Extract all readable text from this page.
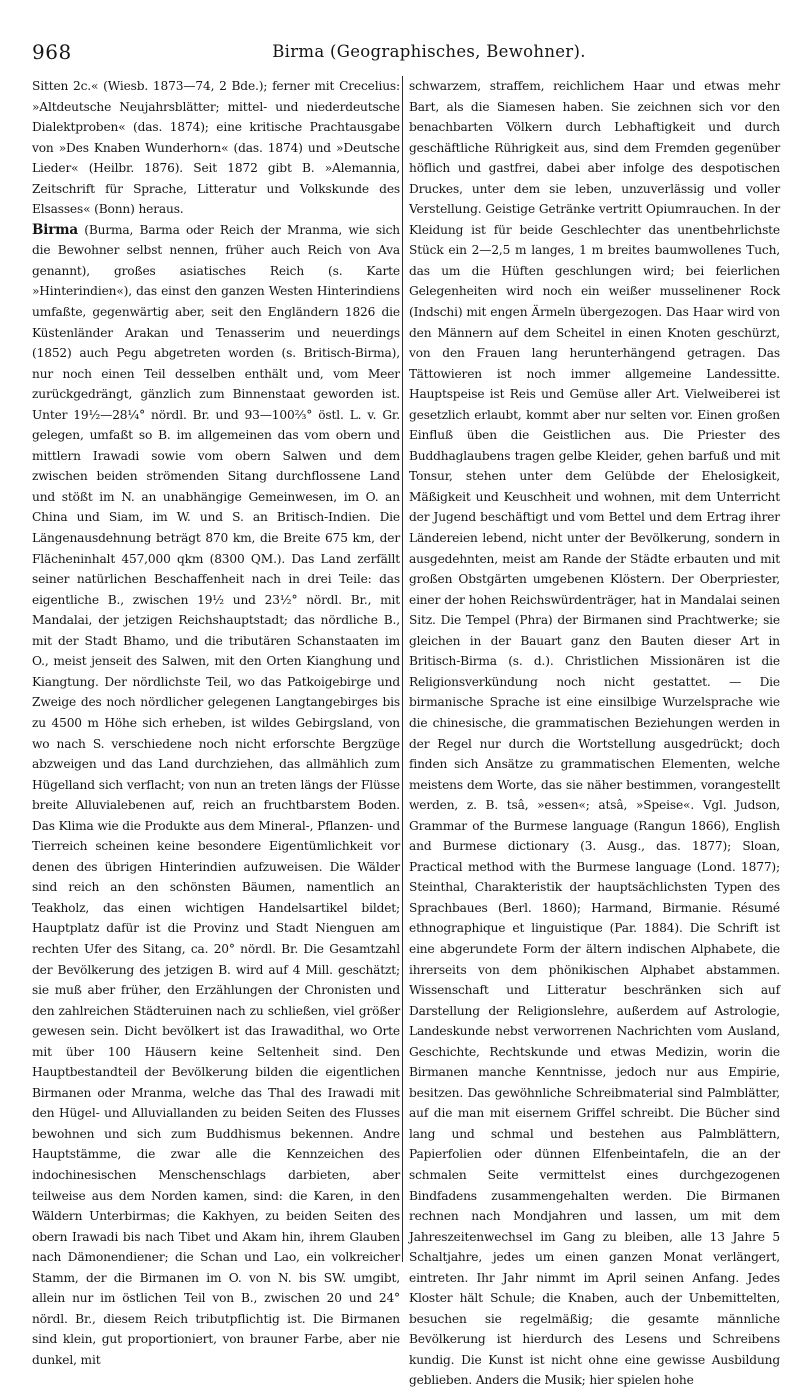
968	Birma (Geographisches, Bewohner).

Sitten 2c.« (Wiesb. 1873—74, 2 Bde.); ferner mit Crecelius: »Altdeutsche Neujahrsblätter; mittel- und niederdeutsche Dialektproben« (das. 1874); eine kritische Prachtausgabe von »Des Knaben Wunderhorn« (das. 1874) und »Deutsche Lieder« (Heilbr. 1876). Seit 1872 gibt B. »Alemannia, Zeitschrift für Sprache, Litteratur und Volkskunde des Elsasses« (Bonn) heraus.

Birma (Burma, Barma oder Reich der Mranma, wie sich die Bewohner selbst nennen, früher auch Reich von Ava genannt), großes asiatisches Reich (s. Karte »Hinterindien«), das einst den ganzen Westen Hinterindiens umfaßte, gegenwärtig aber, seit den Engländern 1826 die Küstenländer Arakan und Tenasserim und neuerdings (1852) auch Pegu abgetreten worden (s. Britisch-Birma), nur noch einen Teil desselben enthält und, vom Meer zurückgedrängt, gänzlich zum Binnenstaat geworden ist. Unter 19½—28¼° nördl. Br. und 93—100⅔° östl. L. v. Gr. gelegen, umfaßt so B. im allgemeinen das vom obern und mittlern Irawadi sowie vom obern Salwen und dem zwischen beiden strömenden Sitang durchflossene Land und stößt im N. an unabhängige Gemeinwesen, im O. an China und Siam, im W. und S. an Britisch-Indien. Die Längenausdehnung beträgt 870 km, die Breite 675 km, der Flächeninhalt 457,000 qkm (8300 QM.). Das Land zerfällt seiner natürlichen Beschaffenheit nach in drei Teile: das eigentliche B., zwischen 19½ und 23½° nördl. Br., mit Mandalai, der jetzigen Reichshauptstadt; das nördliche B., mit der Stadt Bhamo, und die tributären Schanstaaten im O., meist jenseit des Salwen, mit den Orten Kianghung und Kiangtung. Der nördlichste Teil, wo das Patkoigebirge und Zweige des noch nördlicher gelegenen Langtangebirges bis zu 4500 m Höhe sich erheben, ist wildes Gebirgsland, von wo nach S. verschiedene noch nicht erforschte Bergzüge abzweigen und das Land durchziehen, das allmählich zum Hügelland sich verflacht; von nun an treten längs der Flüsse breite Alluvialebenen auf, reich an fruchtbarstem Boden. Das Klima wie die Produkte aus dem Mineral-, Pflanzen- und Tierreich scheinen keine besondere Eigentümlichkeit vor denen des übrigen Hinterindien aufzuweisen. Die Wälder sind reich an den schönsten Bäumen, namentlich an Teakholz, das einen wichtigen Handelsartikel bildet; Hauptplatz dafür ist die Provinz und Stadt Nienguen am rechten Ufer des Sitang, ca. 20° nördl. Br. Die Gesamtzahl der Bevölkerung des jetzigen B. wird auf 4 Mill. geschätzt; sie muß aber früher, den Erzählungen der Chronisten und den zahlreichen Städteruinen nach zu schließen, viel größer gewesen sein. Dicht bevölkert ist das Irawadithal, wo Orte mit über 100 Häusern keine Seltenheit sind. Den Hauptbestandteil der Bevölkerung bilden die eigentlichen Birmanen oder Mranma, welche das Thal des Irawadi mit den Hügel- und Alluviallanden zu beiden Seiten des Flusses bewohnen und sich zum Buddhismus bekennen. Andre Hauptstämme, die zwar alle die Kennzeichen des indochinesischen Menschenschlags darbieten, aber teilweise aus dem Norden kamen, sind: die Karen, in den Wäldern Unterbirmas; die Kakhyen, zu beiden Seiten des obern Irawadi bis nach Tibet und Akam hin, ihrem Glauben nach Dämonendiener; die Schan und Lao, ein volkreicher Stamm, der die Birmanen im O. von N. bis SW. umgibt, allein nur im östlichen Teil von B., zwischen 20 und 24° nördl. Br., diesem Reich tributpflichtig ist. Die Birmanen sind klein, gut proportioniert, von brauner Farbe, aber nie dunkel, mit

schwarzem, straffem, reichlichem Haar und etwas mehr Bart, als die Siamesen haben. Sie zeichnen sich vor den benachbarten Völkern durch Lebhaftigkeit und durch geschäftliche Rührigkeit aus, sind dem Fremden gegenüber höflich und gastfrei, dabei aber infolge des despotischen Druckes, unter dem sie leben, unzuverlässig und voller Verstellung. Geistige Getränke vertritt Opiumrauchen. In der Kleidung ist für beide Geschlechter das unentbehrlichste Stück ein 2—2,5 m langes, 1 m breites baumwollenes Tuch, das um die Hüften geschlungen wird; bei feierlichen Gelegenheiten wird noch ein weißer musselinener Rock (Indschi) mit engen Ärmeln übergezogen. Das Haar wird von den Männern auf dem Scheitel in einen Knoten geschürzt, von den Frauen lang herunterhängend getragen. Das Tättowieren ist noch immer allgemeine Landessitte. Hauptspeise ist Reis und Gemüse aller Art. Vielweiberei ist gesetzlich erlaubt, kommt aber nur selten vor. Einen großen Einfluß üben die Geistlichen aus. Die Priester des Buddhaglaubens tragen gelbe Kleider, gehen barfuß und mit Tonsur, stehen unter dem Gelübde der Ehelosigkeit, Mäßigkeit und Keuschheit und wohnen, mit dem Unterricht der Jugend beschäftigt und vom Bettel und dem Ertrag ihrer Ländereien lebend, nicht unter der Bevölkerung, sondern in ausgedehnten, meist am Rande der Städte erbauten und mit großen Obstgärten umgebenen Klöstern. Der Oberpriester, einer der hohen Reichswürdenträger, hat in Mandalai seinen Sitz. Die Tempel (Phra) der Birmanen sind Prachtwerke; sie gleichen in der Bauart ganz den Bauten dieser Art in Britisch-Birma (s. d.). Christlichen Missionären ist die Religionsverkündung noch nicht gestattet. — Die birmanische Sprache ist eine einsilbige Wurzelsprache wie die chinesische, die grammatischen Beziehungen werden in der Regel nur durch die Wortstellung ausgedrückt; doch finden sich Ansätze zu grammatischen Elementen, welche meistens dem Worte, das sie näher bestimmen, vorangestellt werden, z. B. tsâ, »essen«; atsâ, »Speise«. Vgl. Judson, Grammar of the Burmese language (Rangun 1866), English and Burmese dictionary (3. Ausg., das. 1877); Sloan, Practical method with the Burmese language (Lond. 1877); Steinthal, Charakteristik der hauptsächlichsten Typen des Sprachbaues (Berl. 1860); Harmand, Birmanie. Résumé ethnographique et linguistique (Par. 1884). Die Schrift ist eine abgerundete Form der ältern indischen Alphabete, die ihrerseits von dem phönikischen Alphabet abstammen. Wissenschaft und Litteratur beschränken sich auf Darstellung der Religionslehre, außerdem auf Astrologie, Landeskunde nebst verworrenen Nachrichten vom Ausland, Geschichte, Rechtskunde und etwas Medizin, worin die Birmanen manche Kenntnisse, jedoch nur aus Empirie, besitzen. Das gewöhnliche Schreibmaterial sind Palmblätter, auf die man mit eisernem Griffel schreibt. Die Bücher sind lang und schmal und bestehen aus Palmblättern, Papierfolien oder dünnen Elfenbeintafeln, die an der schmalen Seite vermittelst eines durchgezogenen Bindfadens zusammengehalten werden. Die Birmanen rechnen nach Mondjahren und lassen, um mit dem Jahreszeitenwechsel im Gang zu bleiben, alle 13 Jahre 5 Schaltjahre, jedes um einen ganzen Monat verlängert, eintreten. Ihr Jahr nimmt im April seinen Anfang. Jedes Kloster hält Schule; die Knaben, auch der Unbemittelten, besuchen sie regelmäßig; die gesamte männliche Bevölkerung ist hierdurch des Lesens und Schreibens kundig. Die Kunst ist nicht ohne eine gewisse Ausbildung geblieben. Anders die Musik; hier spielen hohe
